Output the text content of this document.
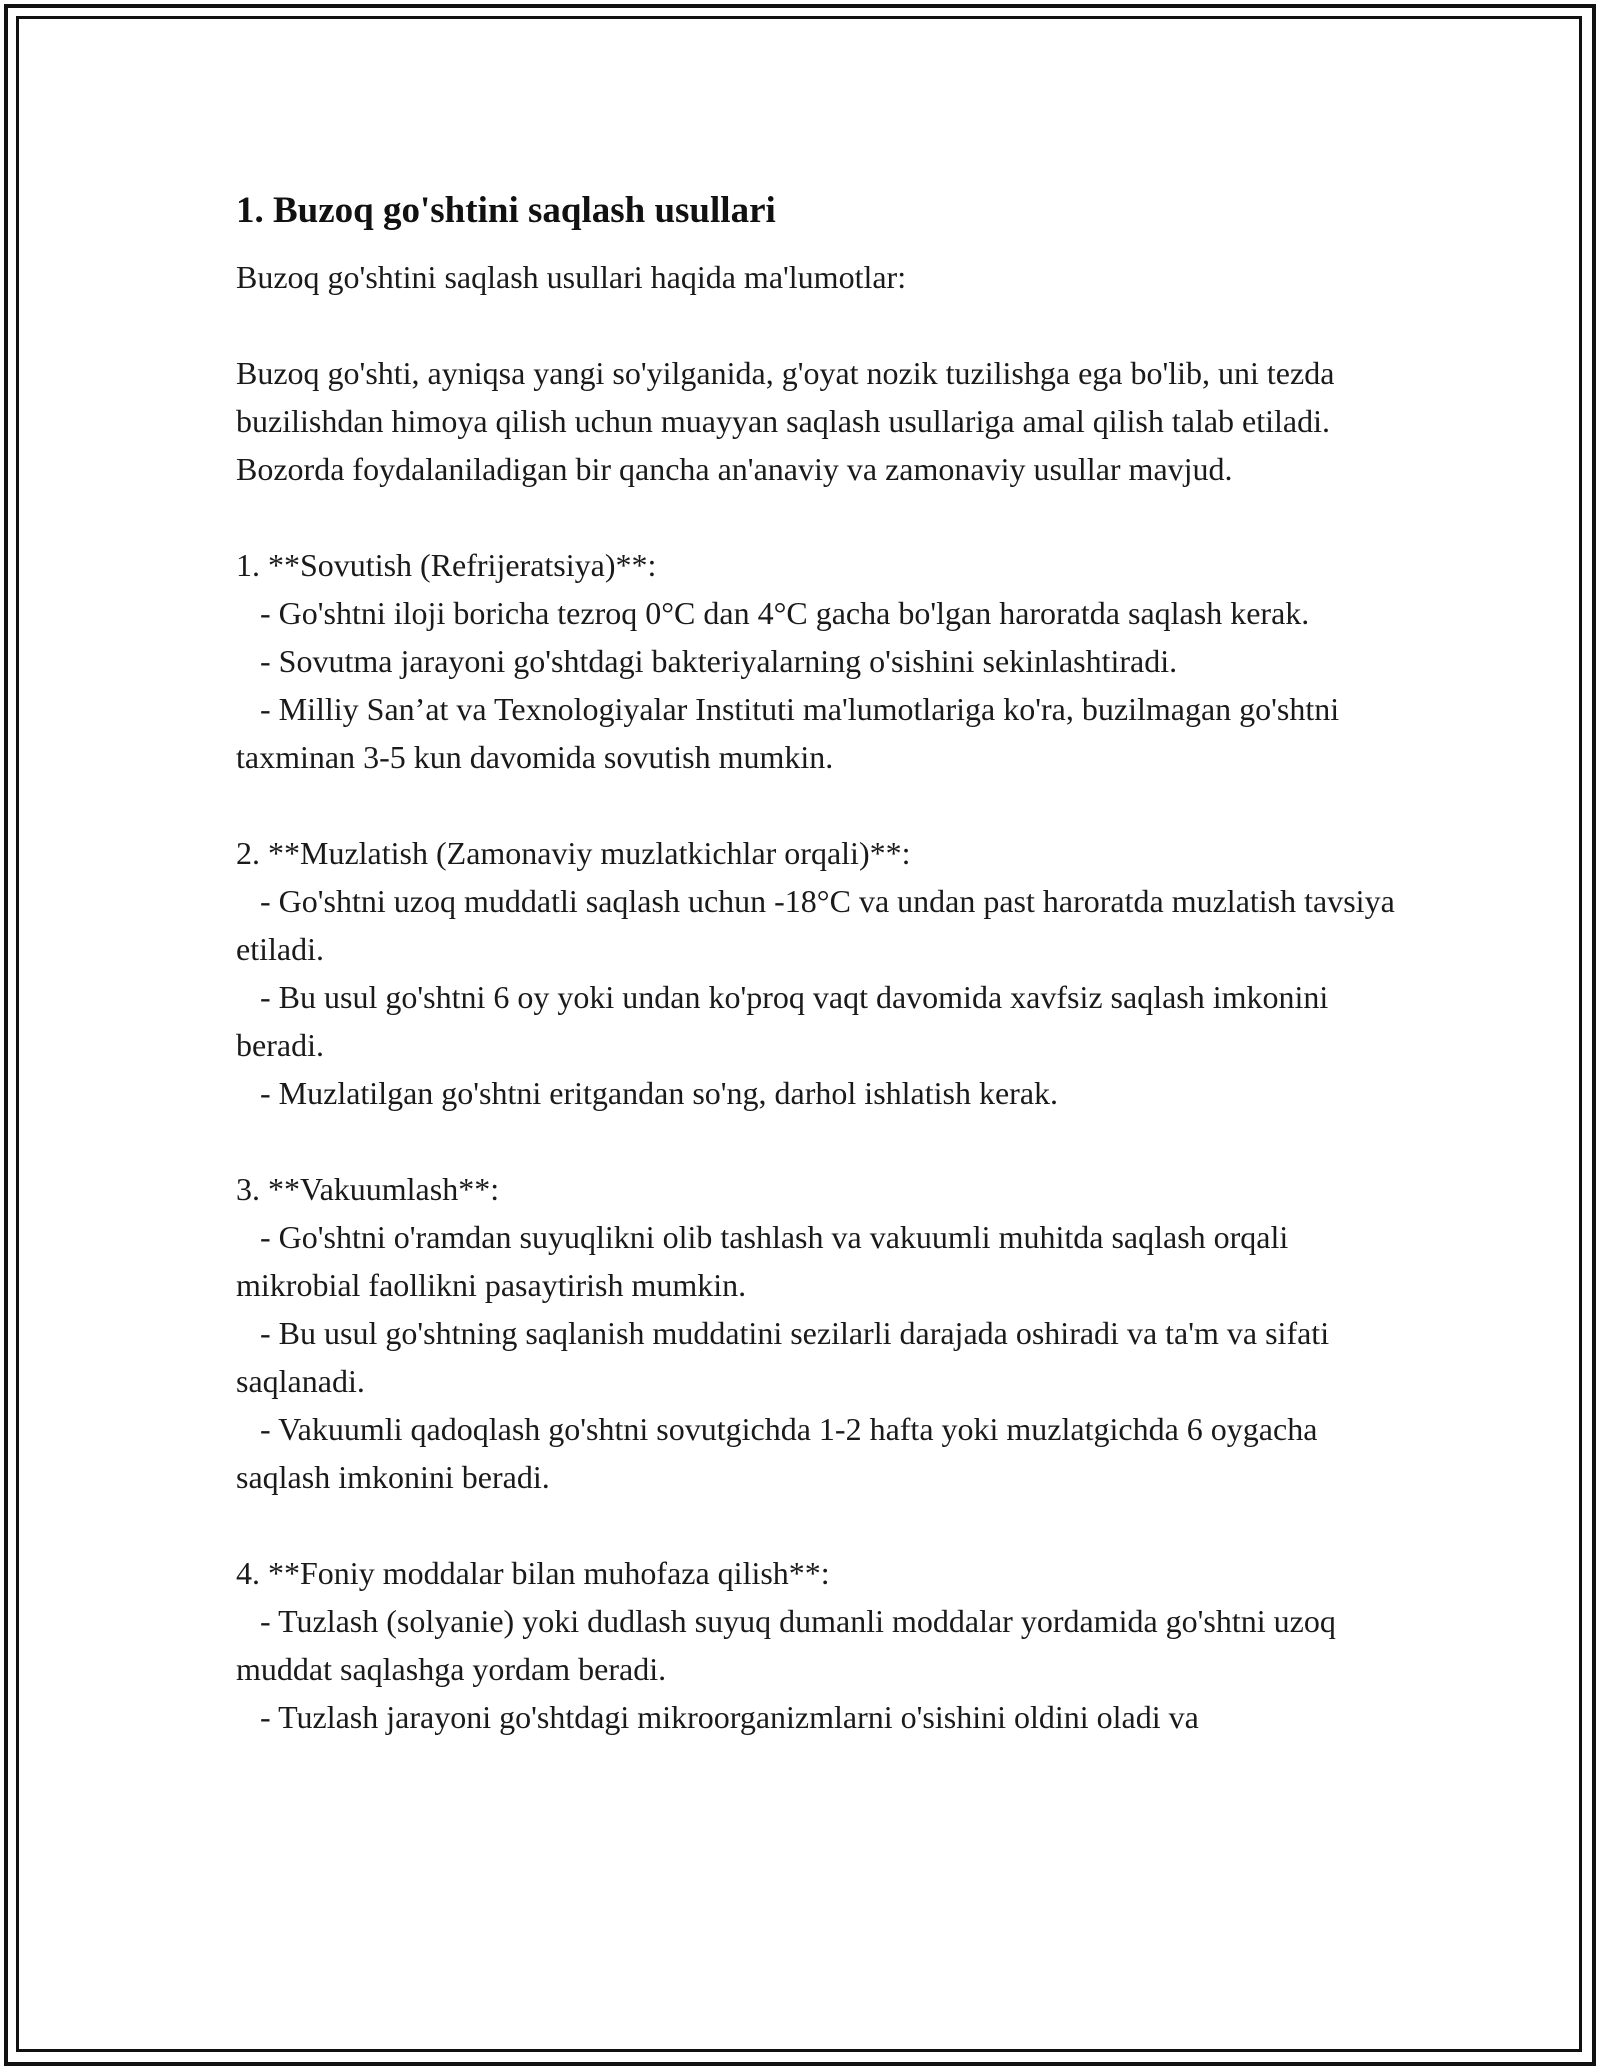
1. Buzoq go'shtini saqlash usullari

Buzoq go'shtini saqlash usullari haqida ma'lumotlar:

Buzoq go'shti, ayniqsa yangi so'yilganida, g'oyat nozik tuzilishga ega bo'lib, uni tezda buzilishdan himoya qilish uchun muayyan saqlash usullariga amal qilish talab etiladi. Bozorda foydalaniladigan bir qancha an'anaviy va zamonaviy usullar mavjud.

1. **Sovutish (Refrijeratsiya)**:

- Go'shtni iloji boricha tezroq 0°C dan 4°C gacha bo'lgan haroratda saqlash kerak.

- Sovutma jarayoni go'shtdagi bakteriyalarning o'sishini sekinlashtiradi.

- Milliy San’at va Texnologiyalar Instituti ma'lumotlariga ko'ra, buzilmagan go'shtni taxminan 3-5 kun davomida sovutish mumkin.

2. **Muzlatish (Zamonaviy muzlatkichlar orqali)**:

- Go'shtni uzoq muddatli saqlash uchun -18°C va undan past haroratda muzlatish tavsiya etiladi.

- Bu usul go'shtni 6 oy yoki undan ko'proq vaqt davomida xavfsiz saqlash imkonini beradi.

- Muzlatilgan go'shtni eritgandan so'ng, darhol ishlatish kerak.

3. **Vakuumlash**:

- Go'shtni o'ramdan suyuqlikni olib tashlash va vakuumli muhitda saqlash orqali mikrobial faollikni pasaytirish mumkin.

- Bu usul go'shtning saqlanish muddatini sezilarli darajada oshiradi va ta'm va sifati saqlanadi.

- Vakuumli qadoqlash go'shtni sovutgichda 1-2 hafta yoki muzlatgichda 6 oygacha saqlash imkonini beradi.

4. **Foniy moddalar bilan muhofaza qilish**:

- Tuzlash (solyanie) yoki dudlash suyuq dumanli moddalar yordamida go'shtni uzoq muddat saqlashga yordam beradi.

- Tuzlash jarayoni go'shtdagi mikroorganizmlarni o'sishini oldini oladi va
